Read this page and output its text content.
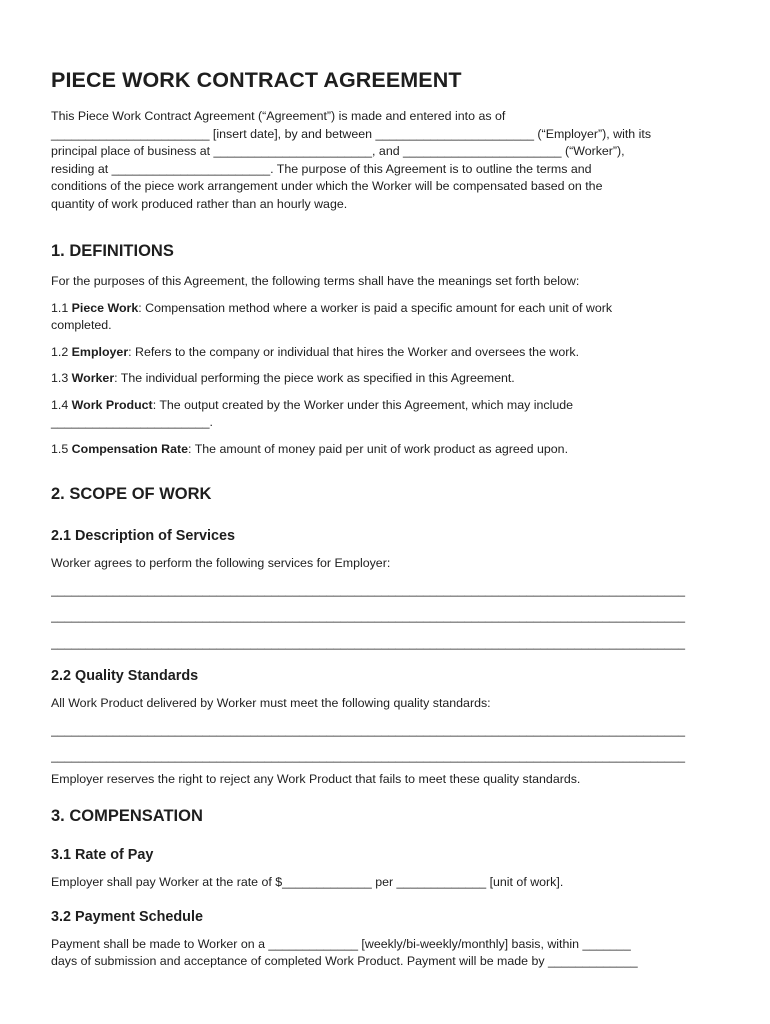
PIECE WORK CONTRACT AGREEMENT

This Piece Work Contract Agreement (“Agreement”) is made and entered into as of
_______________________ [insert date], by and between _______________________ (“Employer”), with its
principal place of business at _______________________, and _______________________ (“Worker”),
residing at _______________________. The purpose of this Agreement is to outline the terms and
conditions of the piece work arrangement under which the Worker will be compensated based on the
quantity of work produced rather than an hourly wage.

1. DEFINITIONS

For the purposes of this Agreement, the following terms shall have the meanings set forth below:

1.1 Piece Work: Compensation method where a worker is paid a specific amount for each unit of work
completed.

1.2 Employer: Refers to the company or individual that hires the Worker and oversees the work.

1.3 Worker: The individual performing the piece work as specified in this Agreement.

1.4 Work Product: The output created by the Worker under this Agreement, which may include
_______________________.

1.5 Compensation Rate: The amount of money paid per unit of work product as agreed upon.

2. SCOPE OF WORK
2.1 Description of Services

Worker agrees to perform the following services for Employer:

____________________________________________________________________________________________
____________________________________________________________________________________________
____________________________________________________________________________________________
2.2 Quality Standards

All Work Product delivered by Worker must meet the following quality standards:

____________________________________________________________________________________________
____________________________________________________________________________________________

Employer reserves the right to reject any Work Product that fails to meet these quality standards.

3. COMPENSATION
3.1 Rate of Pay

Employer shall pay Worker at the rate of $_____________ per _____________ [unit of work].

3.2 Payment Schedule

Payment shall be made to Worker on a _____________ [weekly/bi-weekly/monthly] basis, within _______
days of submission and acceptance of completed Work Product. Payment will be made by _____________
